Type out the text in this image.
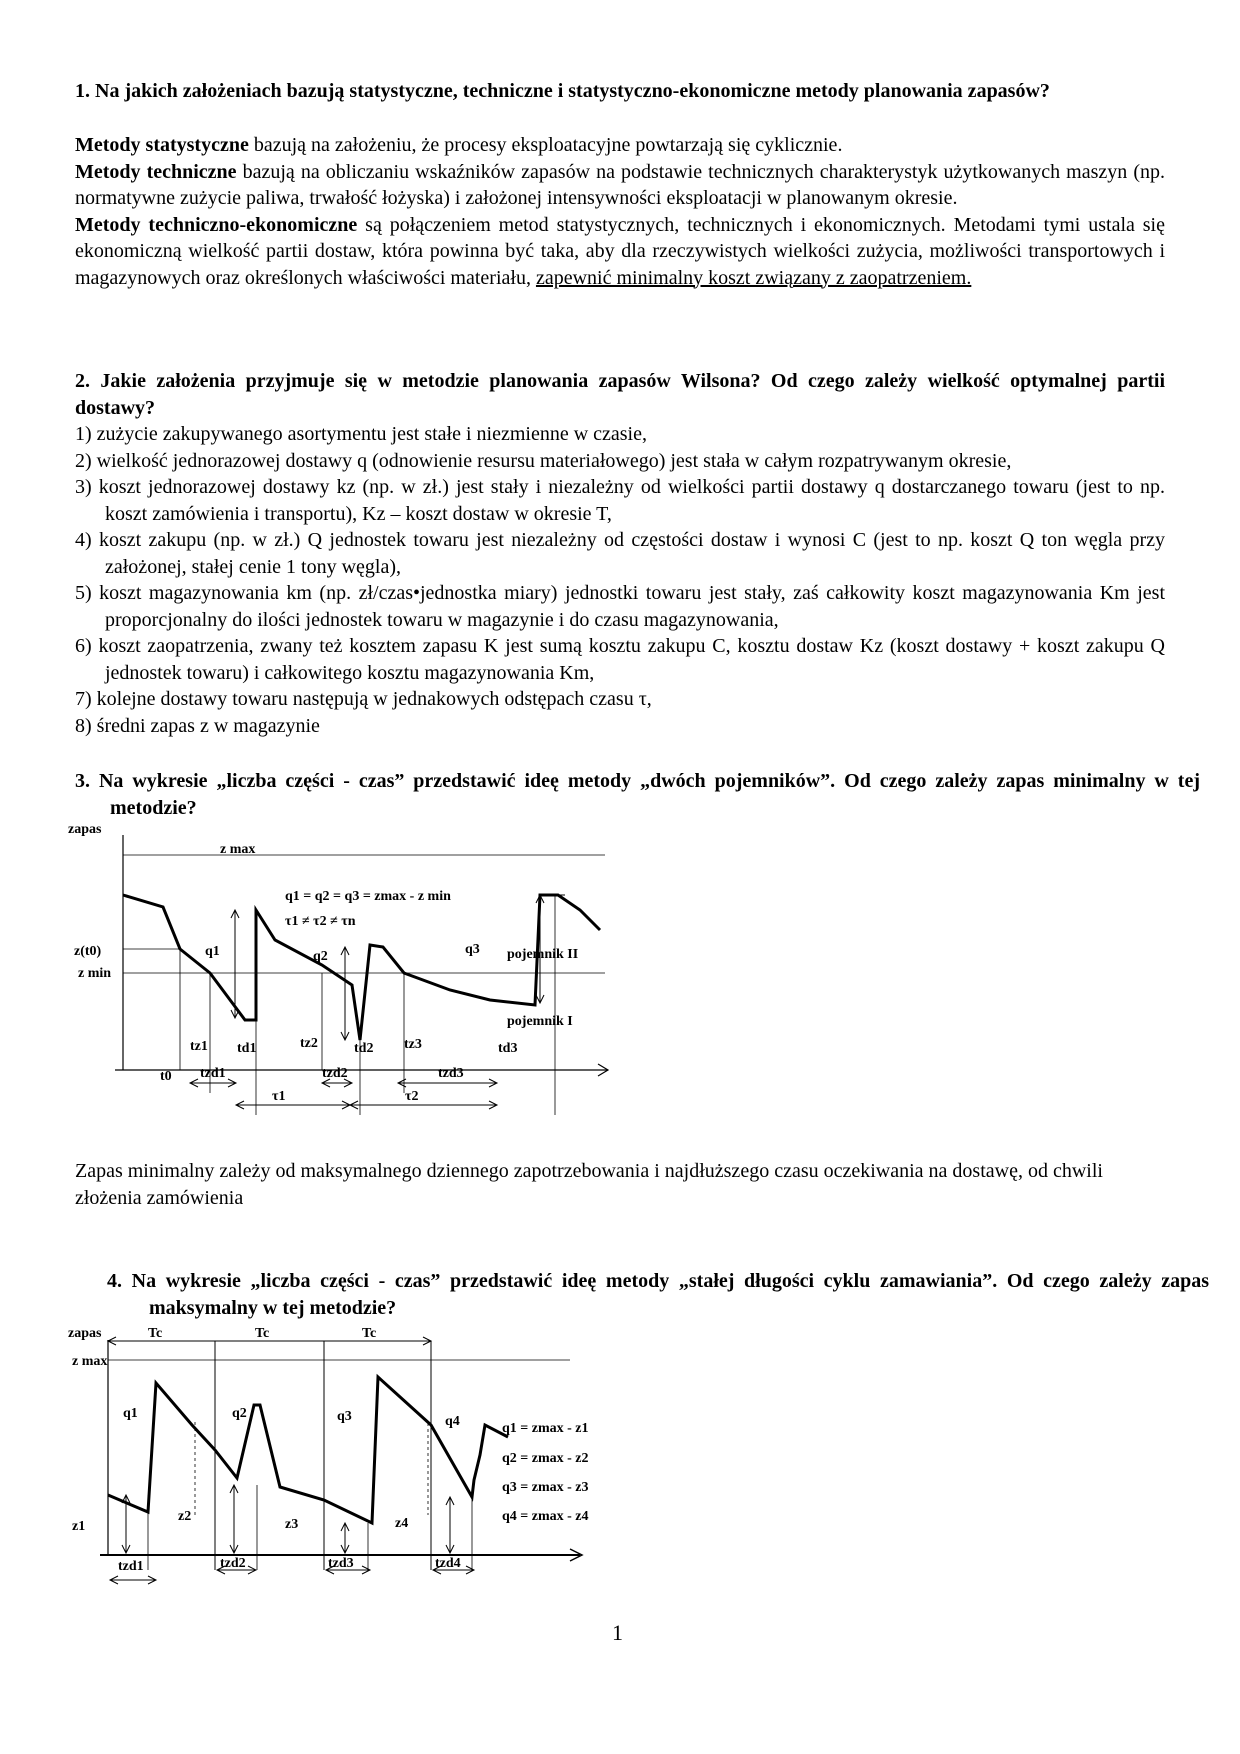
1. Na jakich założeniach bazują statystyczne, techniczne i statystyczno-ekonomiczne metody planowania zapasów?

Metody statystyczne bazują na założeniu, że procesy eksploatacyjne powtarzają się cyklicznie.

Metody techniczne bazują na obliczaniu wskaźników zapasów na podstawie technicznych charakterystyk użytkowanych maszyn (np. normatywne zużycie paliwa, trwałość łożyska) i założonej intensywności eksploatacji w planowanym okresie.

Metody techniczno-ekonomiczne są połączeniem metod statystycznych, technicznych i ekonomicznych. Metodami tymi ustala się ekonomiczną wielkość partii dostaw, która powinna być taka, aby dla rzeczywistych wielkości zużycia, możliwości transportowych i magazynowych oraz określonych właściwości materiału, zapewnić minimalny koszt związany z zaopatrzeniem.

2. Jakie założenia przyjmuje się w metodzie planowania zapasów Wilsona? Od czego zależy wielkość optymalnej partii dostawy?

1) zużycie zakupywanego asortymentu jest stałe i niezmienne w czasie,

2) wielkość jednorazowej dostawy q (odnowienie resursu materiałowego) jest stała w całym rozpatrywanym okresie,

3) koszt jednorazowej dostawy kz (np. w zł.) jest stały i niezależny od wielkości partii dostawy q dostarczanego towaru (jest to np. koszt zamówienia i transportu), Kz – koszt dostaw w okresie T,

4) koszt zakupu (np. w zł.) Q jednostek towaru jest niezależny od częstości dostaw i wynosi C (jest to np. koszt Q ton węgla przy założonej, stałej cenie 1 tony węgla),

5) koszt magazynowania km (np. zł/czas•jednostka miary) jednostki towaru jest stały, zaś całkowity koszt magazynowania Km jest proporcjonalny do ilości jednostek towaru w magazynie i do czasu magazynowania,

6) koszt zaopatrzenia, zwany też kosztem zapasu K jest sumą kosztu zakupu C, kosztu dostaw Kz (koszt dostawy + koszt zakupu Q jednostek towaru) i całkowitego kosztu magazynowania Km,

7) kolejne dostawy towaru następują w jednakowych odstępach czasu τ,

8) średni zapas z w magazynie

3. Na wykresie „liczba części - czas” przedstawić ideę metody „dwóch pojemników”. Od czego zależy zapas minimalny w tej metodzie?
zapas
z max
z(t0)
z min
q1 = q2 = q3 = zmax - z min
τ1 ≠ τ2 ≠ τn
q1	q2	q3 pojemnik II
pojemnik I
tz1 td1	tz2	td2 tz3	td3
t0 tzd1	tzd2	tzd3
τ1	τ2
Zapas minimalny zależy od maksymalnego dziennego zapotrzebowania i najdłuższego czasu oczekiwania na dostawę, od chwili złożenia zamówienia
4. Na wykresie „liczba części - czas” przedstawić ideę metody „stałej długości cyklu zamawiania”. Od czego zależy zapas maksymalny w tej metodzie?
zapas	Tc	Tc	Tc
z max
q1	q2	q3	q4
z1
z2
z3	z4
tzd1	tzd2	tzd3	tzd4
q1 = zmax - z1
q2 = zmax - z2
q3 = zmax - z3
q4 = zmax - z4
1
